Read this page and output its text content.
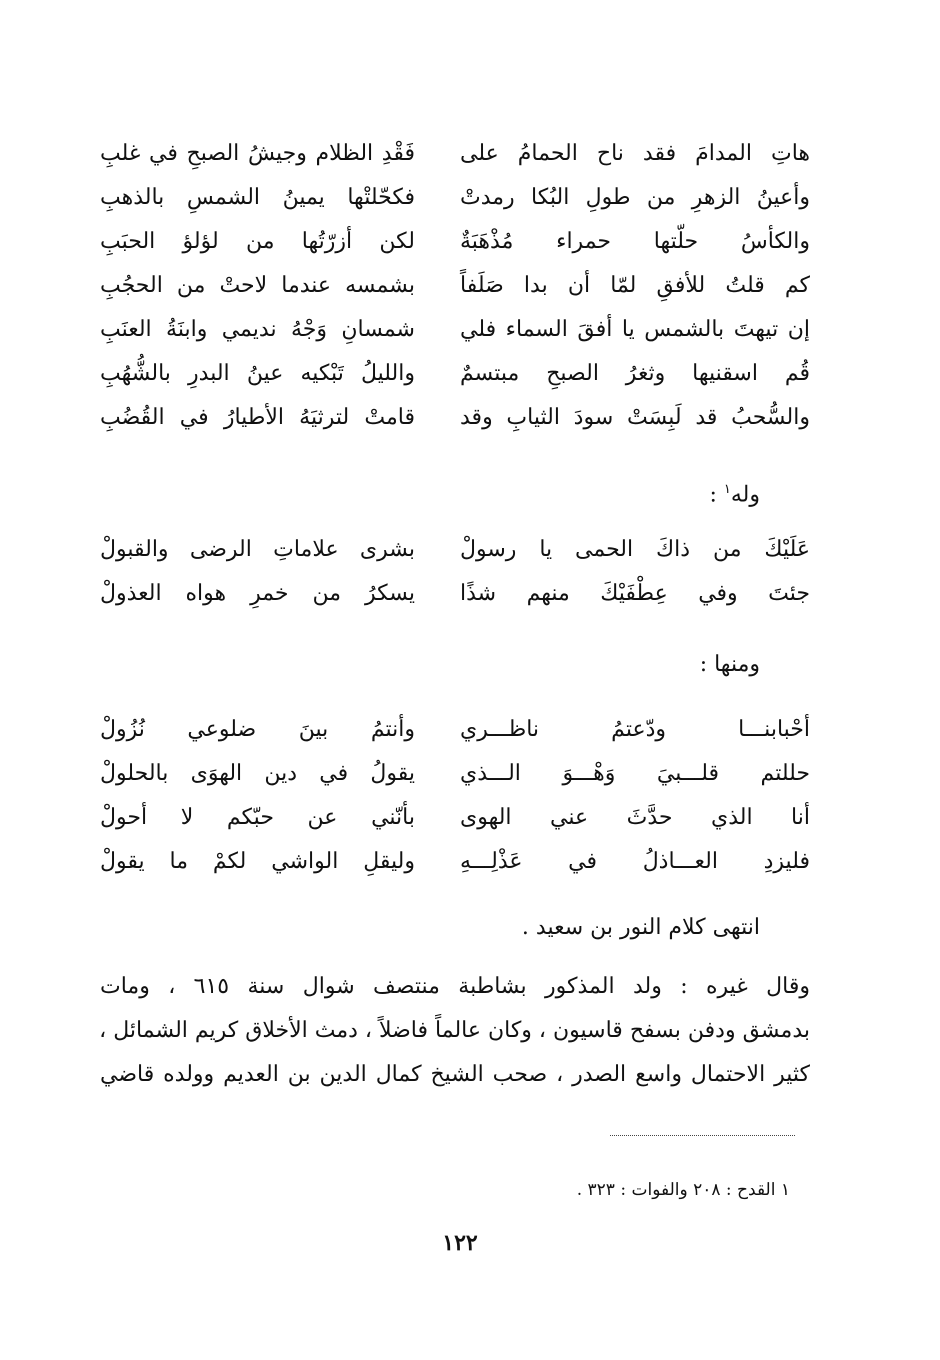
هاتِ المدامَ فقد ناح الحمامُ على
فَقْدِ الظلام وجيشُ الصبحِ في غلبِ
وأعينُ الزهرِ من طولِ البُكا رمدتْ
فكحّلتْها يمينُ الشمسِ بالذهبِ
والكأسُ حلّتها حمراء مُذْهَبَةٌ
لكن أزرّتُها من لؤلؤ الحبَبِ
كم قلتُ للأفقِ لمّا أن بدا صَلَفاً
بشمسه عندما لاحتْ من الحجُبِ
إن تيهتَ بالشمس يا أفقَ السماء فلي
شمسانِ وَجْهُ نديمي وابنَةُ العنَبِ
قُم اسقنيها وثغرُ الصبحِ مبتسمٌ
والليلُ تَبْكيه عينُ البدرِ بالشُّهُبِ
والسُّحبُ قد لَبِسَتْ سودَ الثيابِ وقد
قامتْ لترثيَهُ الأطيارُ في القُضُبِ
وله$^١$ :
عَلَيْكَ من ذاكَ الحمى يا رسولْ
بشرى علاماتِ الرضى والقبولْ
جئتَ وفي عِطْفَيْكَ منهم شذًا
يسكرُ من خمرِ هواه العذولْ
ومنها :
أحْبابنـــا ودّعتمُ ناظـــري
وأنتمُ بينَ ضلوعي نُزُولْ
حللتم قلـــبيَ وَهْـــوَ الـــذي
يقولُ في دين الهوَى بالحلولْ
أنا الذي حدَّثَ عني الهوى
بأنّني عن حبّكم لا أحولْ
فليزدِ العـــاذلُ في عَذْلِـــهِ
وليقلِ الواشي لكمْ ما يقولْ
انتهى كلام النور بن سعيد .

وقال غيره : ولد المذكور بشاطبة منتصف شوال سنة ٦١٥ ، ومات

بدمشق ودفن بسفح قاسيون ، وكان عالماً فاضلاً ، دمث الأخلاق كريم الشمائل ،

كثير الاحتمال واسع الصدر ، صحب الشيخ كمال الدين بن العديم وولده قاضي

١ القدح : ٢٠٨ والفوات : ٣٢٣ .
١٢٢
